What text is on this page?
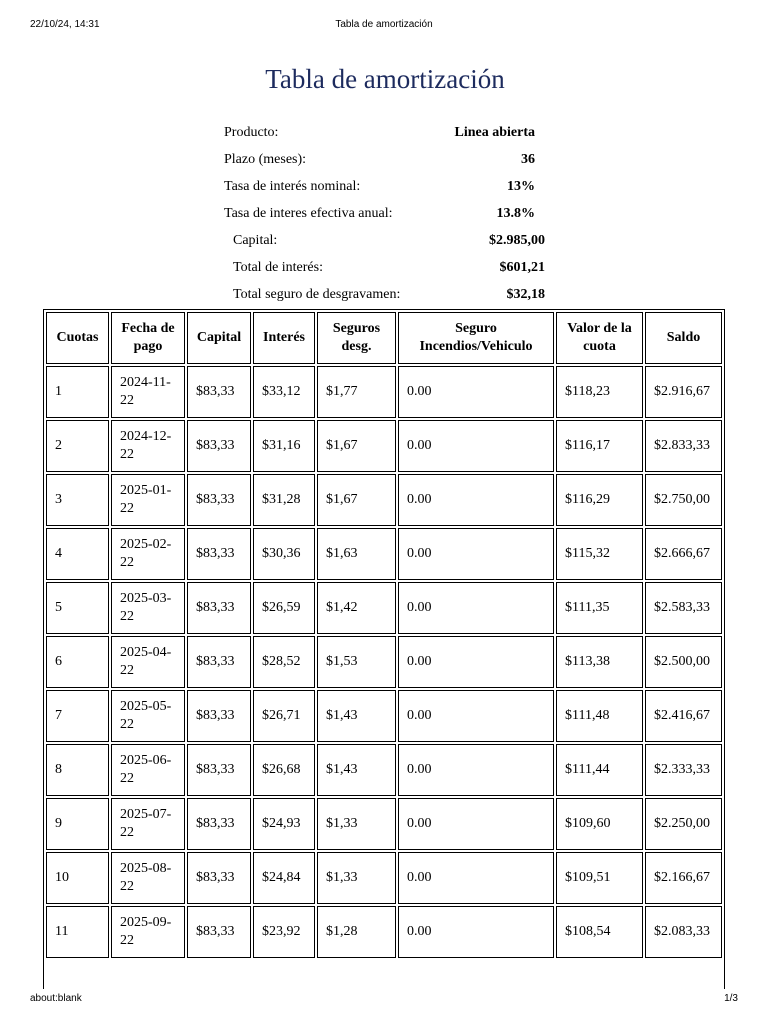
22/10/24, 14:31	Tabla de amortización
about:blank	1/3
Tabla de amortización
Producto:	Linea abierta
Plazo (meses):	36
Tasa de interés nominal:	13%
Tasa de interes efectiva anual:	13.8%
Capital:	$2.985,00
Total de interés:	$601,21
Total seguro de desgravamen:	$32,18
Cuotas	Fecha de pago	Capital	Interés	Seguros desg.	Seguro Incendios/Vehiculo	Valor de la cuota	Saldo
1	2024-11-22	$83,33	$33,12	$1,77	0.00	$118,23	$2.916,67
2	2024-12-22	$83,33	$31,16	$1,67	0.00	$116,17	$2.833,33
3	2025-01-22	$83,33	$31,28	$1,67	0.00	$116,29	$2.750,00
4	2025-02-22	$83,33	$30,36	$1,63	0.00	$115,32	$2.666,67
5	2025-03-22	$83,33	$26,59	$1,42	0.00	$111,35	$2.583,33
6	2025-04-22	$83,33	$28,52	$1,53	0.00	$113,38	$2.500,00
7	2025-05-22	$83,33	$26,71	$1,43	0.00	$111,48	$2.416,67
8	2025-06-22	$83,33	$26,68	$1,43	0.00	$111,44	$2.333,33
9	2025-07-22	$83,33	$24,93	$1,33	0.00	$109,60	$2.250,00
10	2025-08-22	$83,33	$24,84	$1,33	0.00	$109,51	$2.166,67
11	2025-09-22	$83,33	$23,92	$1,28	0.00	$108,54	$2.083,33
